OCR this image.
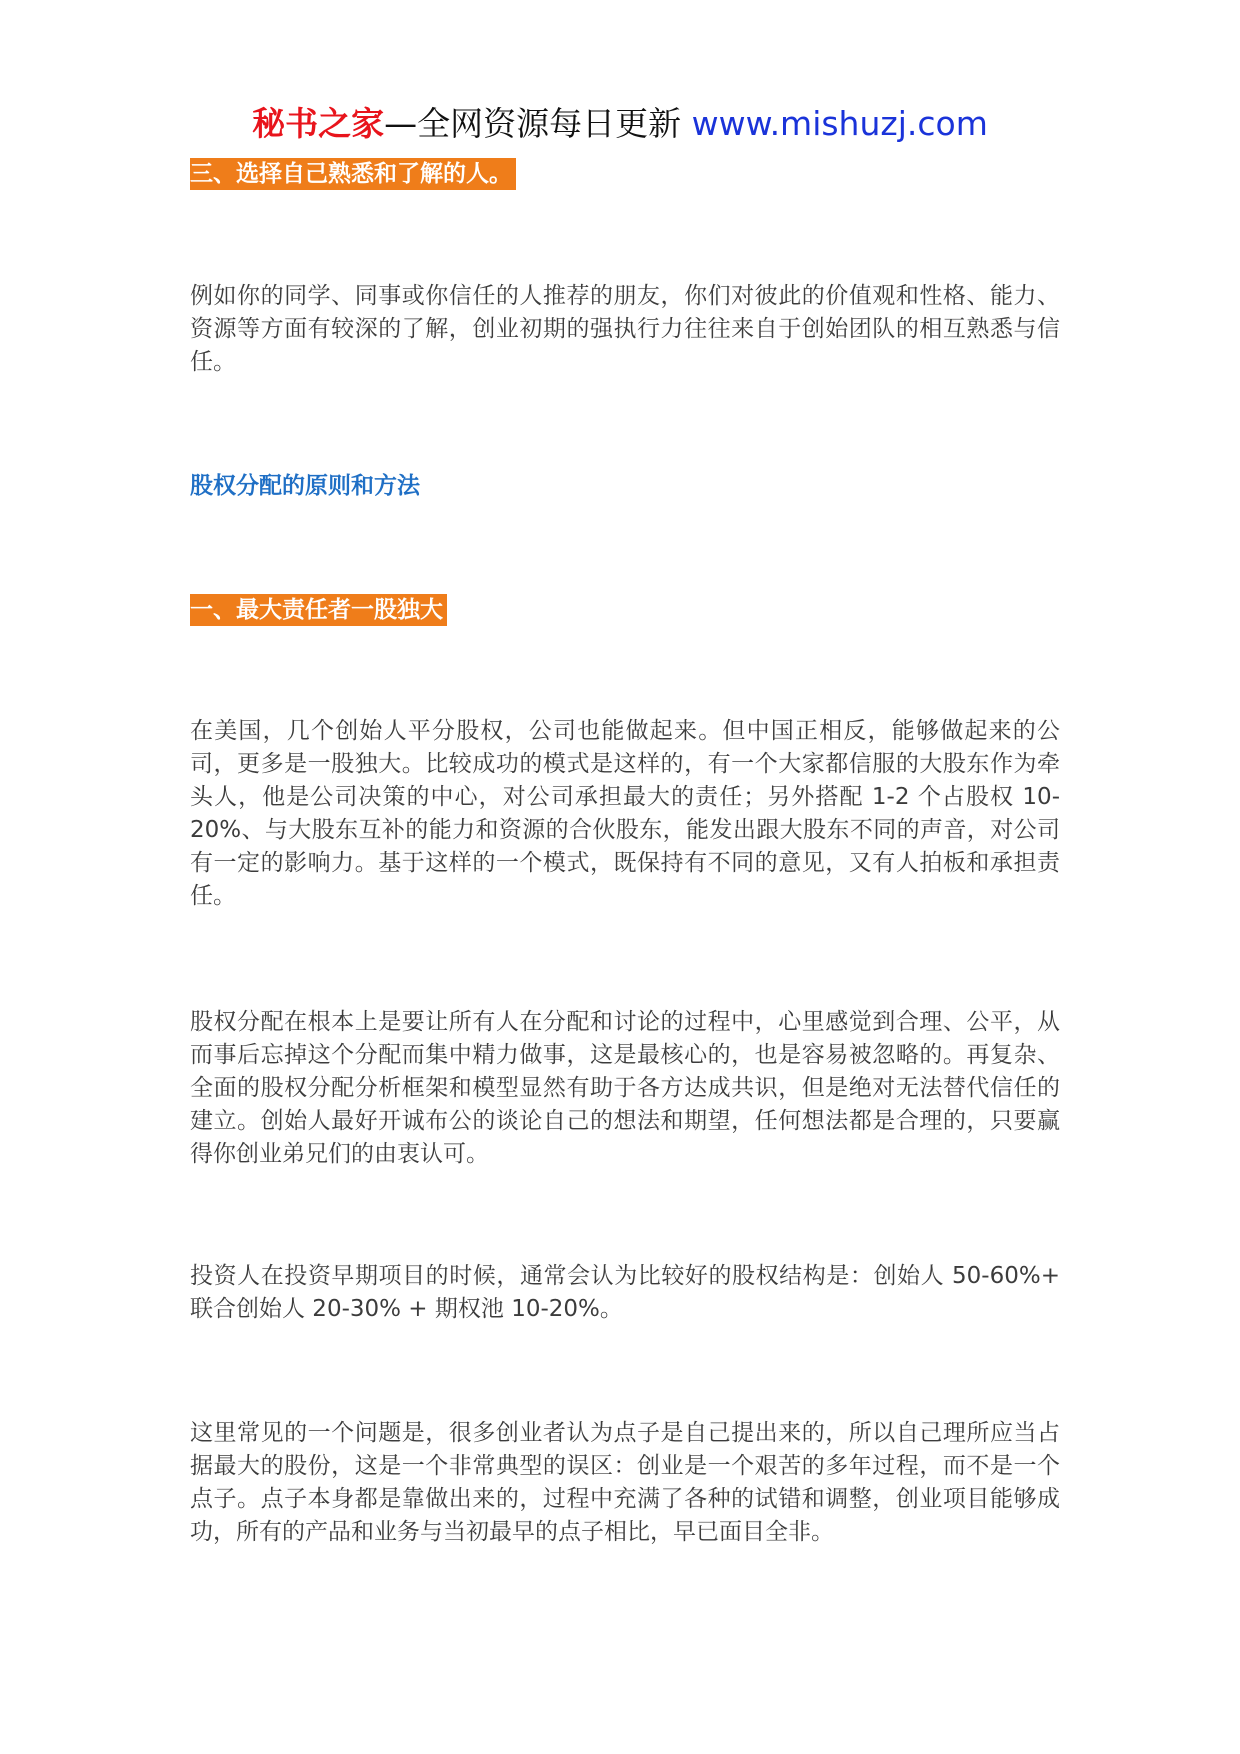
秘书之家—全网资源每日更新 www.mishuzj.com
三、选择自己熟悉和了解的人。

例如你的同学、同事或你信任的人推荐的朋友，你们对彼此的价值观和性格、能力、资源等方面有较深的了解，创业初期的强执行力往往来自于创始团队的相互熟悉与信任。

股权分配的原则和方法
一、最大责任者一股独大

在美国，几个创始人平分股权，公司也能做起来。但中国正相反，能够做起来的公司，更多是一股独大。比较成功的模式是这样的，有一个大家都信服的大股东作为牵头人，他是公司决策的中心，对公司承担最大的责任；另外搭配 1-2 个占股权 10-20%、与大股东互补的能力和资源的合伙股东，能发出跟大股东不同的声音，对公司有一定的影响力。基于这样的一个模式，既保持有不同的意见，又有人拍板和承担责任。

股权分配在根本上是要让所有人在分配和讨论的过程中，心里感觉到合理、公平，从而事后忘掉这个分配而集中精力做事，这是最核心的，也是容易被忽略的。再复杂、全面的股权分配分析框架和模型显然有助于各方达成共识，但是绝对无法替代信任的建立。创始人最好开诚布公的谈论自己的想法和期望，任何想法都是合理的，只要赢得你创业弟兄们的由衷认可。

投资人在投资早期项目的时候，通常会认为比较好的股权结构是：创始人 50-60%+ 联合创始人 20-30% + 期权池 10-20%。

这里常见的一个问题是，很多创业者认为点子是自己提出来的，所以自己理所应当占据最大的股份，这是一个非常典型的误区：创业是一个艰苦的多年过程，而不是一个点子。点子本身都是靠做出来的，过程中充满了各种的试错和调整，创业项目能够成功，所有的产品和业务与当初最早的点子相比，早已面目全非。
